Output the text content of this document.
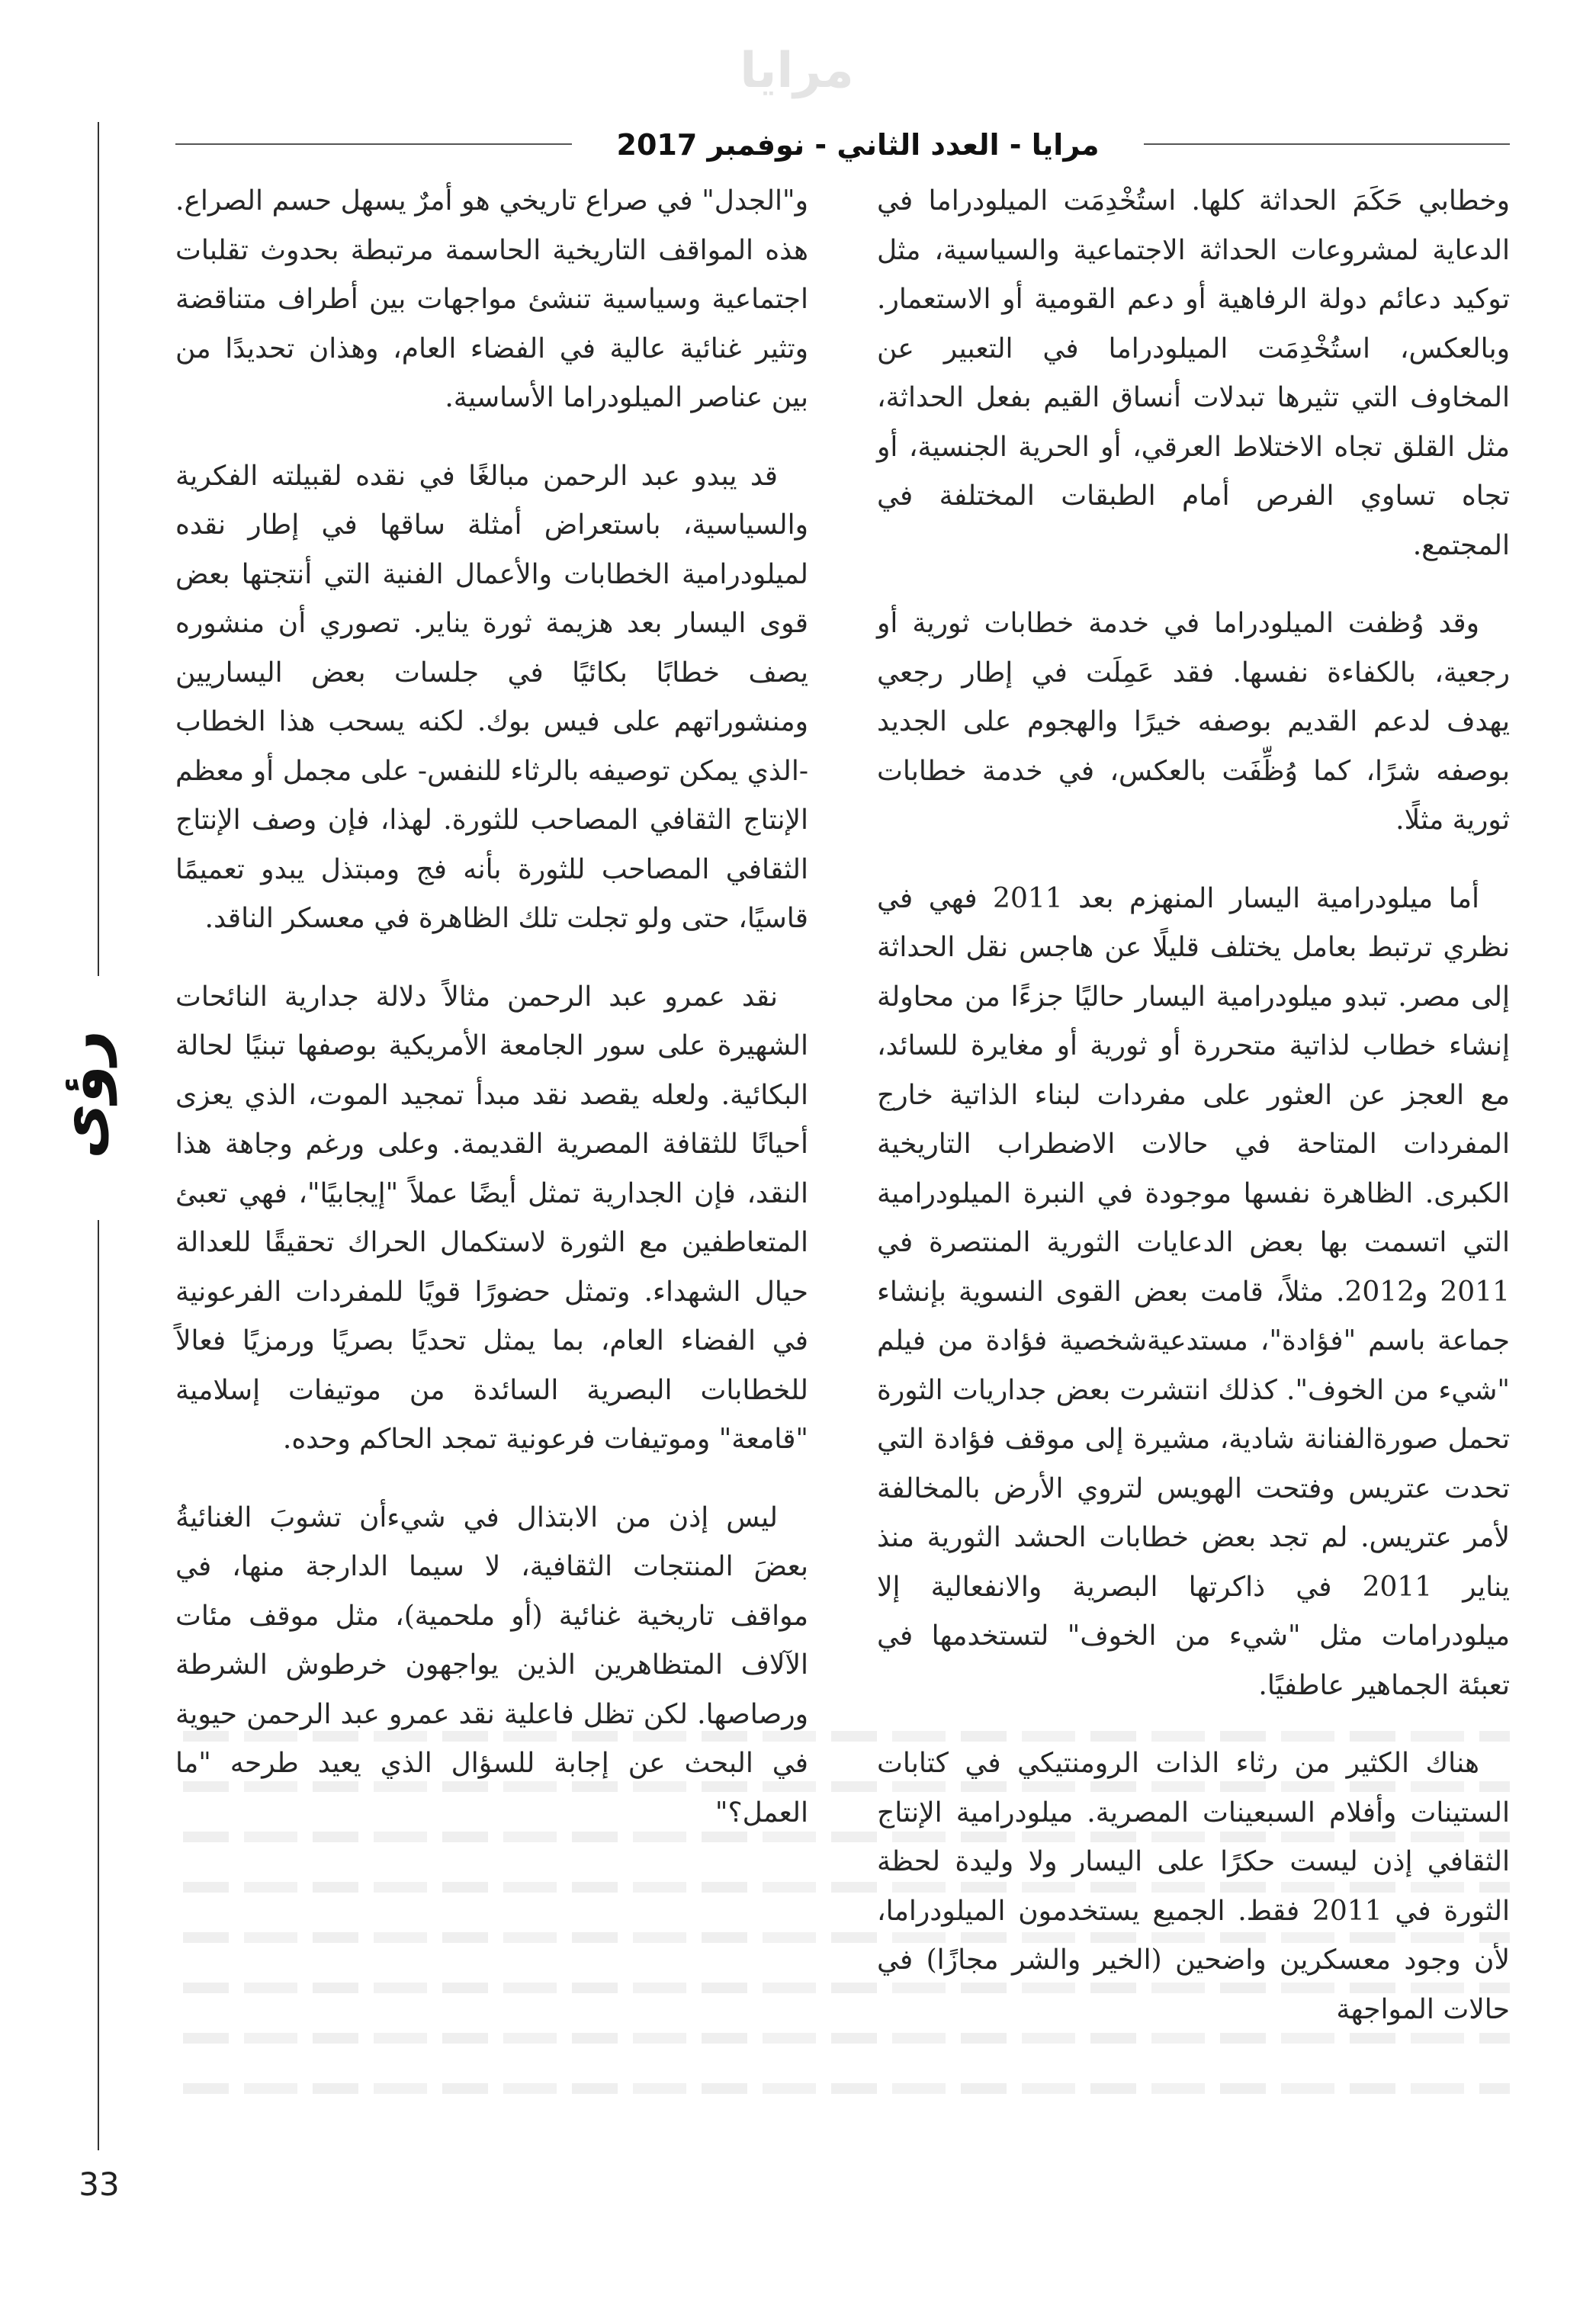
مرايا
مرايا - العدد الثاني - نوفمبر 2017

وخطابي حَكَمَ الحداثة كلها. استُخْدِمَت الميلودراما في الدعاية لمشروعات الحداثة الاجتماعية والسياسية، مثل توكيد دعائم دولة الرفاهية أو دعم القومية أو الاستعمار. وبالعكس، استُخْدِمَت الميلودراما في التعبير عن المخاوف التي تثيرها تبدلات أنساق القيم بفعل الحداثة، مثل القلق تجاه الاختلاط العرقي، أو الحرية الجنسية، أو تجاه تساوي الفرص أمام الطبقات المختلفة في المجتمع.

وقد وُظفت الميلودراما في خدمة خطابات ثورية أو رجعية، بالكفاءة نفسها. فقد عَمِلَت في إطار رجعي يهدف لدعم القديم بوصفه خيرًا والهجوم على الجديد بوصفه شرًا، كما وُظِّفَت بالعكس، في خدمة خطابات ثورية مثلًا.

أما ميلودرامية اليسار المنهزم بعد 2011 فهي في نظري ترتبط بعامل يختلف قليلًا عن هاجس نقل الحداثة إلى مصر. تبدو ميلودرامية اليسار حاليًا جزءًا من محاولة إنشاء خطاب لذاتية متحررة أو ثورية أو مغايرة للسائد، مع العجز عن العثور على مفردات لبناء الذاتية خارج المفردات المتاحة في حالات الاضطراب التاريخية الكبرى. الظاهرة نفسها موجودة في النبرة الميلودرامية التي اتسمت بها بعض الدعايات الثورية المنتصرة في 2011 و2012. مثلاً، قامت بعض القوى النسوية بإنشاء جماعة باسم "فؤادة"، مستدعيةشخصية فؤادة من فيلم "شيء من الخوف". كذلك انتشرت بعض جداريات الثورة تحمل صورةالفنانة شادية، مشيرة إلى موقف فؤادة التي تحدت عتريس وفتحت الهويس لتروي الأرض بالمخالفة لأمر عتريس. لم تجد بعض خطابات الحشد الثورية منذ يناير 2011 في ذاكرتها البصرية والانفعالية إلا ميلودرامات مثل "شيء من الخوف" لتستخدمها في تعبئة الجماهير عاطفيًا.

هناك الكثير من رثاء الذات الرومنتيكي في كتابات الستينات وأفلام السبعينات المصرية. ميلودرامية الإنتاج الثقافي إذن ليست حكرًا على اليسار ولا وليدة لحظة الثورة في 2011 فقط. الجميع يستخدمون الميلودراما، لأن وجود معسكرين واضحين (الخير والشر مجازًا) في حالات المواجهة

و"الجدل" في صراع تاريخي هو أمرٌ يسهل حسم الصراع. هذه المواقف التاريخية الحاسمة مرتبطة بحدوث تقلبات اجتماعية وسياسية تنشئ مواجهات بين أطراف متناقضة وتثير غنائية عالية في الفضاء العام، وهذان تحديدًا من بين عناصر الميلودراما الأساسية.

قد يبدو عبد الرحمن مبالغًا في نقده لقبيلته الفكرية والسياسية، باستعراض أمثلة ساقها في إطار نقده لميلودرامية الخطابات والأعمال الفنية التي أنتجتها بعض قوى اليسار بعد هزيمة ثورة يناير. تصوري أن منشوره يصف خطابًا بكائيًا في جلسات بعض اليساريين ومنشوراتهم على فيس بوك. لكنه يسحب هذا الخطاب -الذي يمكن توصيفه بالرثاء للنفس- على مجمل أو معظم الإنتاج الثقافي المصاحب للثورة. لهذا، فإن وصف الإنتاج الثقافي المصاحب للثورة بأنه فج ومبتذل يبدو تعميمًا قاسيًا، حتى ولو تجلت تلك الظاهرة في معسكر الناقد.

نقد عمرو عبد الرحمن مثالاً دلالة جدارية النائحات الشهيرة على سور الجامعة الأمريكية بوصفها تبنيًا لحالة البكائية. ولعله يقصد نقد مبدأ تمجيد الموت، الذي يعزى أحيانًا للثقافة المصرية القديمة. وعلى ورغم وجاهة هذا النقد، فإن الجدارية تمثل أيضًا عملاً "إيجابيًا"، فهي تعبئ المتعاطفين مع الثورة لاستكمال الحراك تحقيقًا للعدالة حيال الشهداء. وتمثل حضورًا قويًا للمفردات الفرعونية في الفضاء العام، بما يمثل تحديًا بصريًا ورمزيًا فعالاً للخطابات البصرية السائدة من موتيفات إسلامية "قامعة" وموتيفات فرعونية تمجد الحاكم وحده.

ليس إذن من الابتذال في شيءأن تشوبَ الغنائيةُ بعضَ المنتجات الثقافية، لا سيما الدارجة منها، في مواقف تاريخية غنائية (أو ملحمية)، مثل موقف مئات الآلاف المتظاهرين الذين يواجهون خرطوش الشرطة ورصاصها. لكن تظل فاعلية نقد عمرو عبد الرحمن حيوية في البحث عن إجابة للسؤال الذي يعيد طرحه "ما العمل؟"

رؤى
33
